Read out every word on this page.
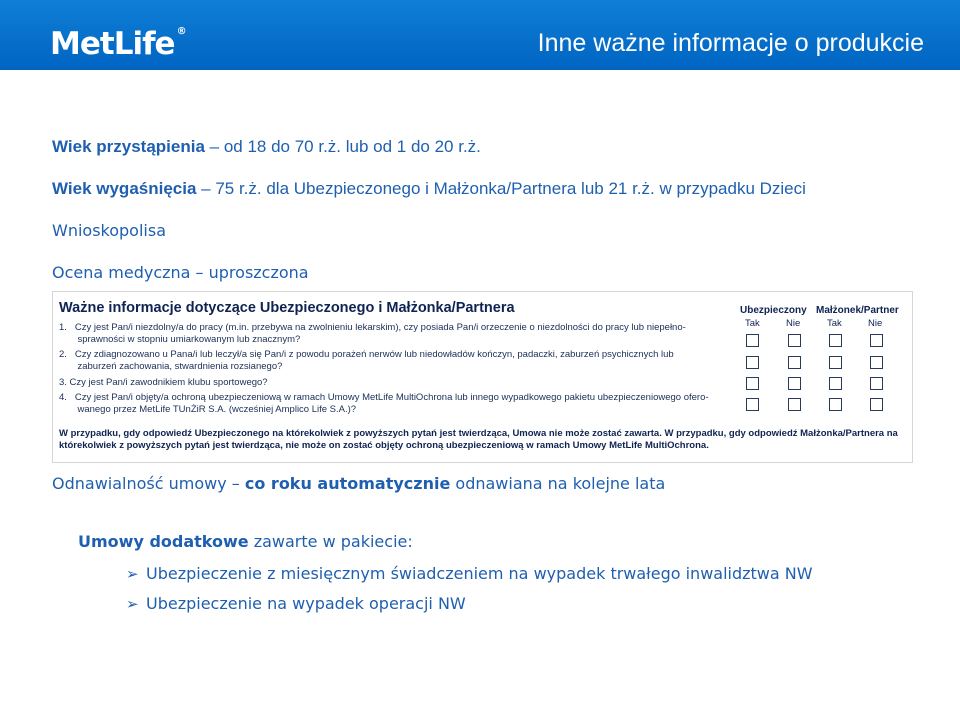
MetLife ®	Inne ważne informacje o produkcie
Wiek przystąpienia – od 18 do 70 r.ż. lub od 1 do 20 r.ż.
Wiek wygaśnięcia – 75 r.ż. dla Ubezpieczonego i Małżonka/Partnera lub 21 r.ż. w przypadku Dzieci
Wnioskopolisa
Ocena medyczna – uproszczona
Ważne informacje dotyczące Ubezpieczonego i Małżonka/Partnera	Ubezpieczony Małżonek/Partner
Tak	Nie	Tak	Nie
1.   Czy jest Pan/i niezdolny/a do pracy (m.in. przebywa na zwolnieniu lekarskim), czy posiada Pan/i orzeczenie o niezdolności do pracy lub niepełno-
sprawności w stopniu umiarkowanym lub znacznym?
2.   Czy zdiagnozowano u Pana/i lub leczył/a się Pan/i z powodu porażeń nerwów lub niedowładów kończyn, padaczki, zaburzeń psychicznych lub
zaburzeń zachowania, stwardnienia rozsianego?
3. Czy jest Pan/i zawodnikiem klubu sportowego?
4.   Czy jest Pan/i objęty/a ochroną ubezpieczeniową w ramach Umowy MetLife MultiOchrona lub innego wypadkowego pakietu ubezpieczeniowego ofero-
wanego przez MetLife TUnŻiR S.A. (wcześniej Amplico Life S.A.)?
W przypadku, gdy odpowiedź Ubezpieczonego na którekolwiek z powyższych pytań jest twierdząca, Umowa nie może zostać zawarta. W przypadku, gdy odpowiedź Małżonka/Partnera na którekolwiek z powyższych pytań jest twierdząca, nie może on zostać objęty ochroną ubezpieczeniową w ramach Umowy MetLife MultiOchrona.
Odnawialność umowy – co roku automatycznie odnawiana na kolejne lata
Umowy dodatkowe zawarte w pakiecie:
➢ Ubezpieczenie z miesięcznym świadczeniem na wypadek trwałego inwalidztwa NW
➢ Ubezpieczenie na wypadek operacji NW
